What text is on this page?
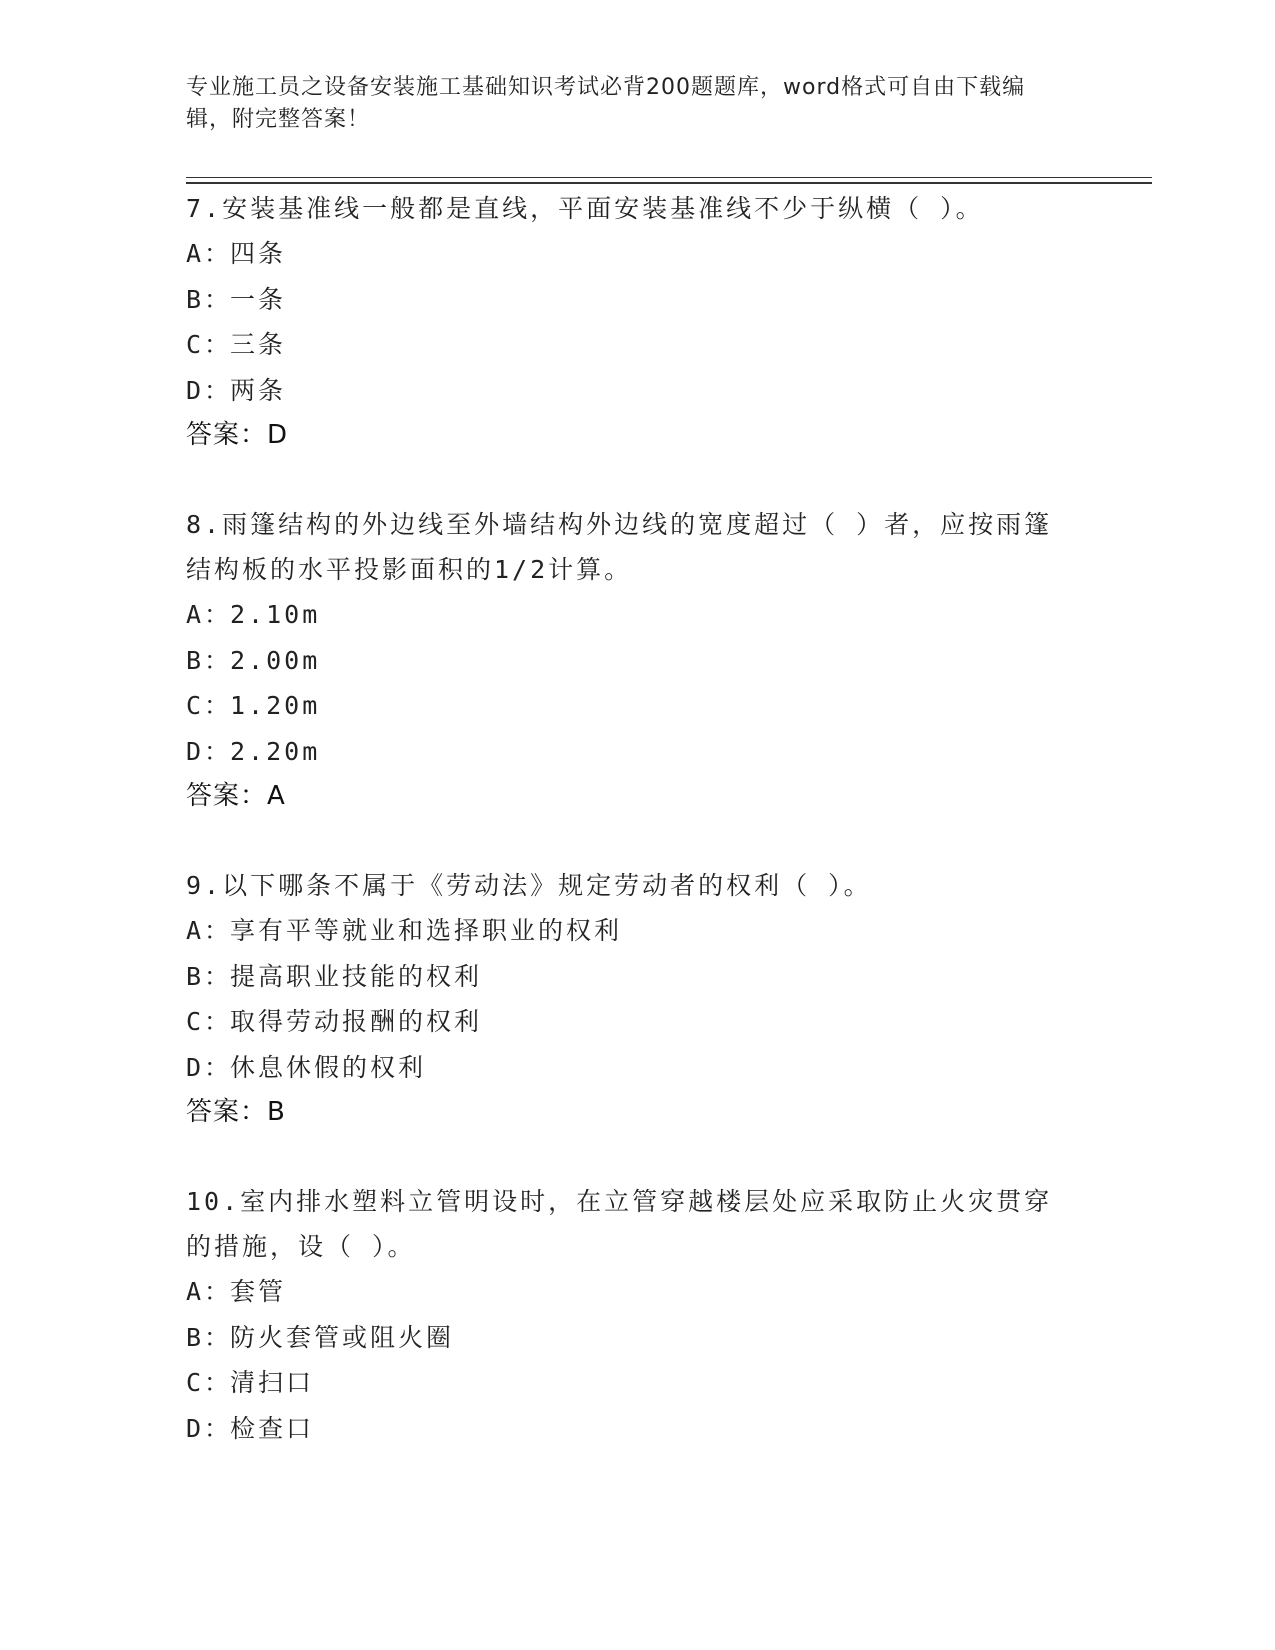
专业施工员之设备安装施工基础知识考试必背200题题库，word格式可自由下载编辑，附完整答案！

7.安装基准线一般都是直线，平面安装基准线不少于纵横（ ）。

A：
四条
B：
一条
C：
三条
D：
两条
答案：D

8.雨篷结构的外边线至外墙结构外边线的宽度超过（ ）者，应按雨篷结构板的水平投影面积的1/2计算。

A：
2.10m
B：
2.00m
C：
1.20m
D：
2.20m
答案：A

9.以下哪条不属于《劳动法》规定劳动者的权利（ ）。

A：
享有平等就业和选择职业的权利
B：
提高职业技能的权利
C：
取得劳动报酬的权利
D：
休息休假的权利
答案：B

10.室内排水塑料立管明设时，在立管穿越楼层处应采取防止火灾贯穿的措施，设（ ）。

A：
套管
B：
防火套管或阻火圈
C：
清扫口
D：
检查口
